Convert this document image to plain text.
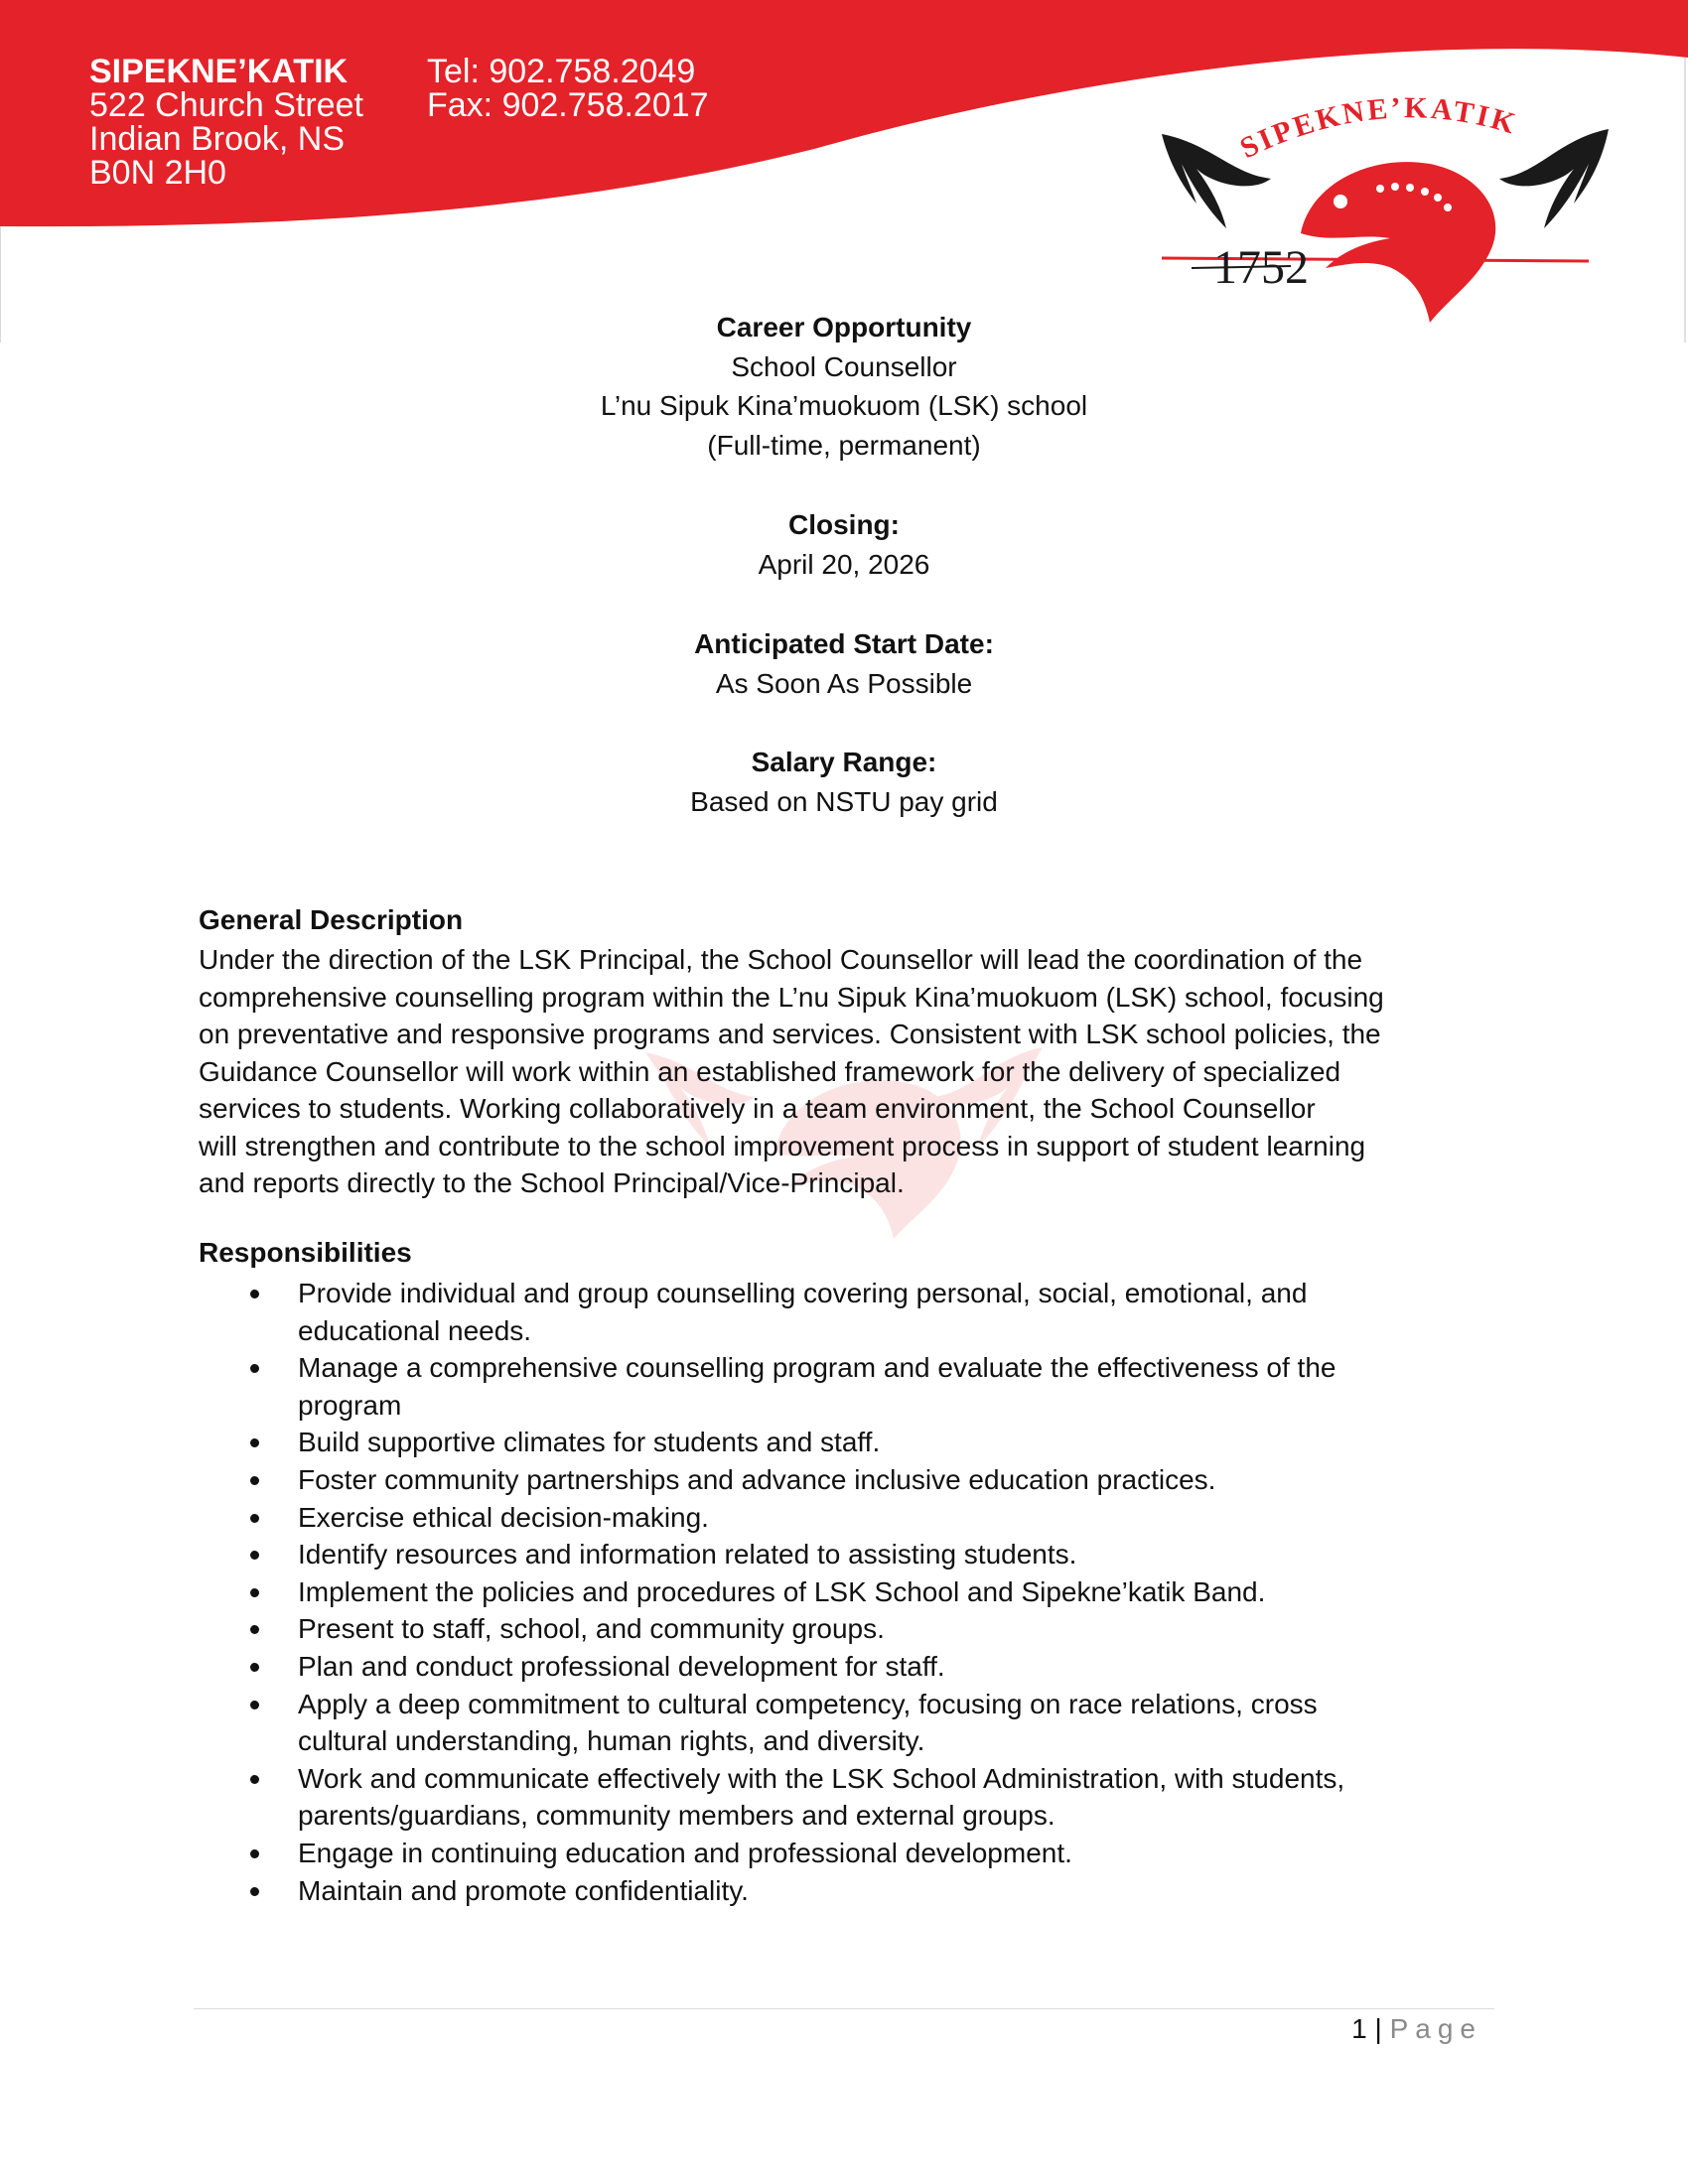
SIPEKNE’KATIK
522 Church Street
Indian Brook, NS
B0N 2H0
Tel: 902.758.2049
Fax: 902.758.2017
SIPEKNE’KATIK
1752
Career Opportunity
School Counsellor
L’nu Sipuk Kina’muokuom (LSK) school
(Full-time, permanent)
Closing:
April 20, 2026
Anticipated Start Date:
As Soon As Possible
Salary Range:
Based on NSTU pay grid
General Description
Under the direction of the LSK Principal, the School Counsellor will lead the coordination of the
comprehensive counselling program within the L’nu Sipuk Kina’muokuom (LSK) school, focusing
on preventative and responsive programs and services. Consistent with LSK school policies, the
Guidance Counsellor will work within an established framework for the delivery of specialized
services to students. Working collaboratively in a team environment, the School Counsellor
will strengthen and contribute to the school improvement process in support of student learning
and reports directly to the School Principal/Vice-Principal.
Responsibilities
Provide individual and group counselling covering personal, social, emotional, and
educational needs.
Manage a comprehensive counselling program and evaluate the effectiveness of the
program
Build supportive climates for students and staff.
Foster community partnerships and advance inclusive education practices.
Exercise ethical decision-making.
Identify resources and information related to assisting students.
Implement the policies and procedures of LSK School and Sipekne’katik Band.
Present to staff, school, and community groups.
Plan and conduct professional development for staff.
Apply a deep commitment to cultural competency, focusing on race relations, cross
cultural understanding, human rights, and diversity.
Work and communicate effectively with the LSK School Administration, with students,
parents/guardians, community members and external groups.
Engage in continuing education and professional development.
Maintain and promote confidentiality.
1 | Page
